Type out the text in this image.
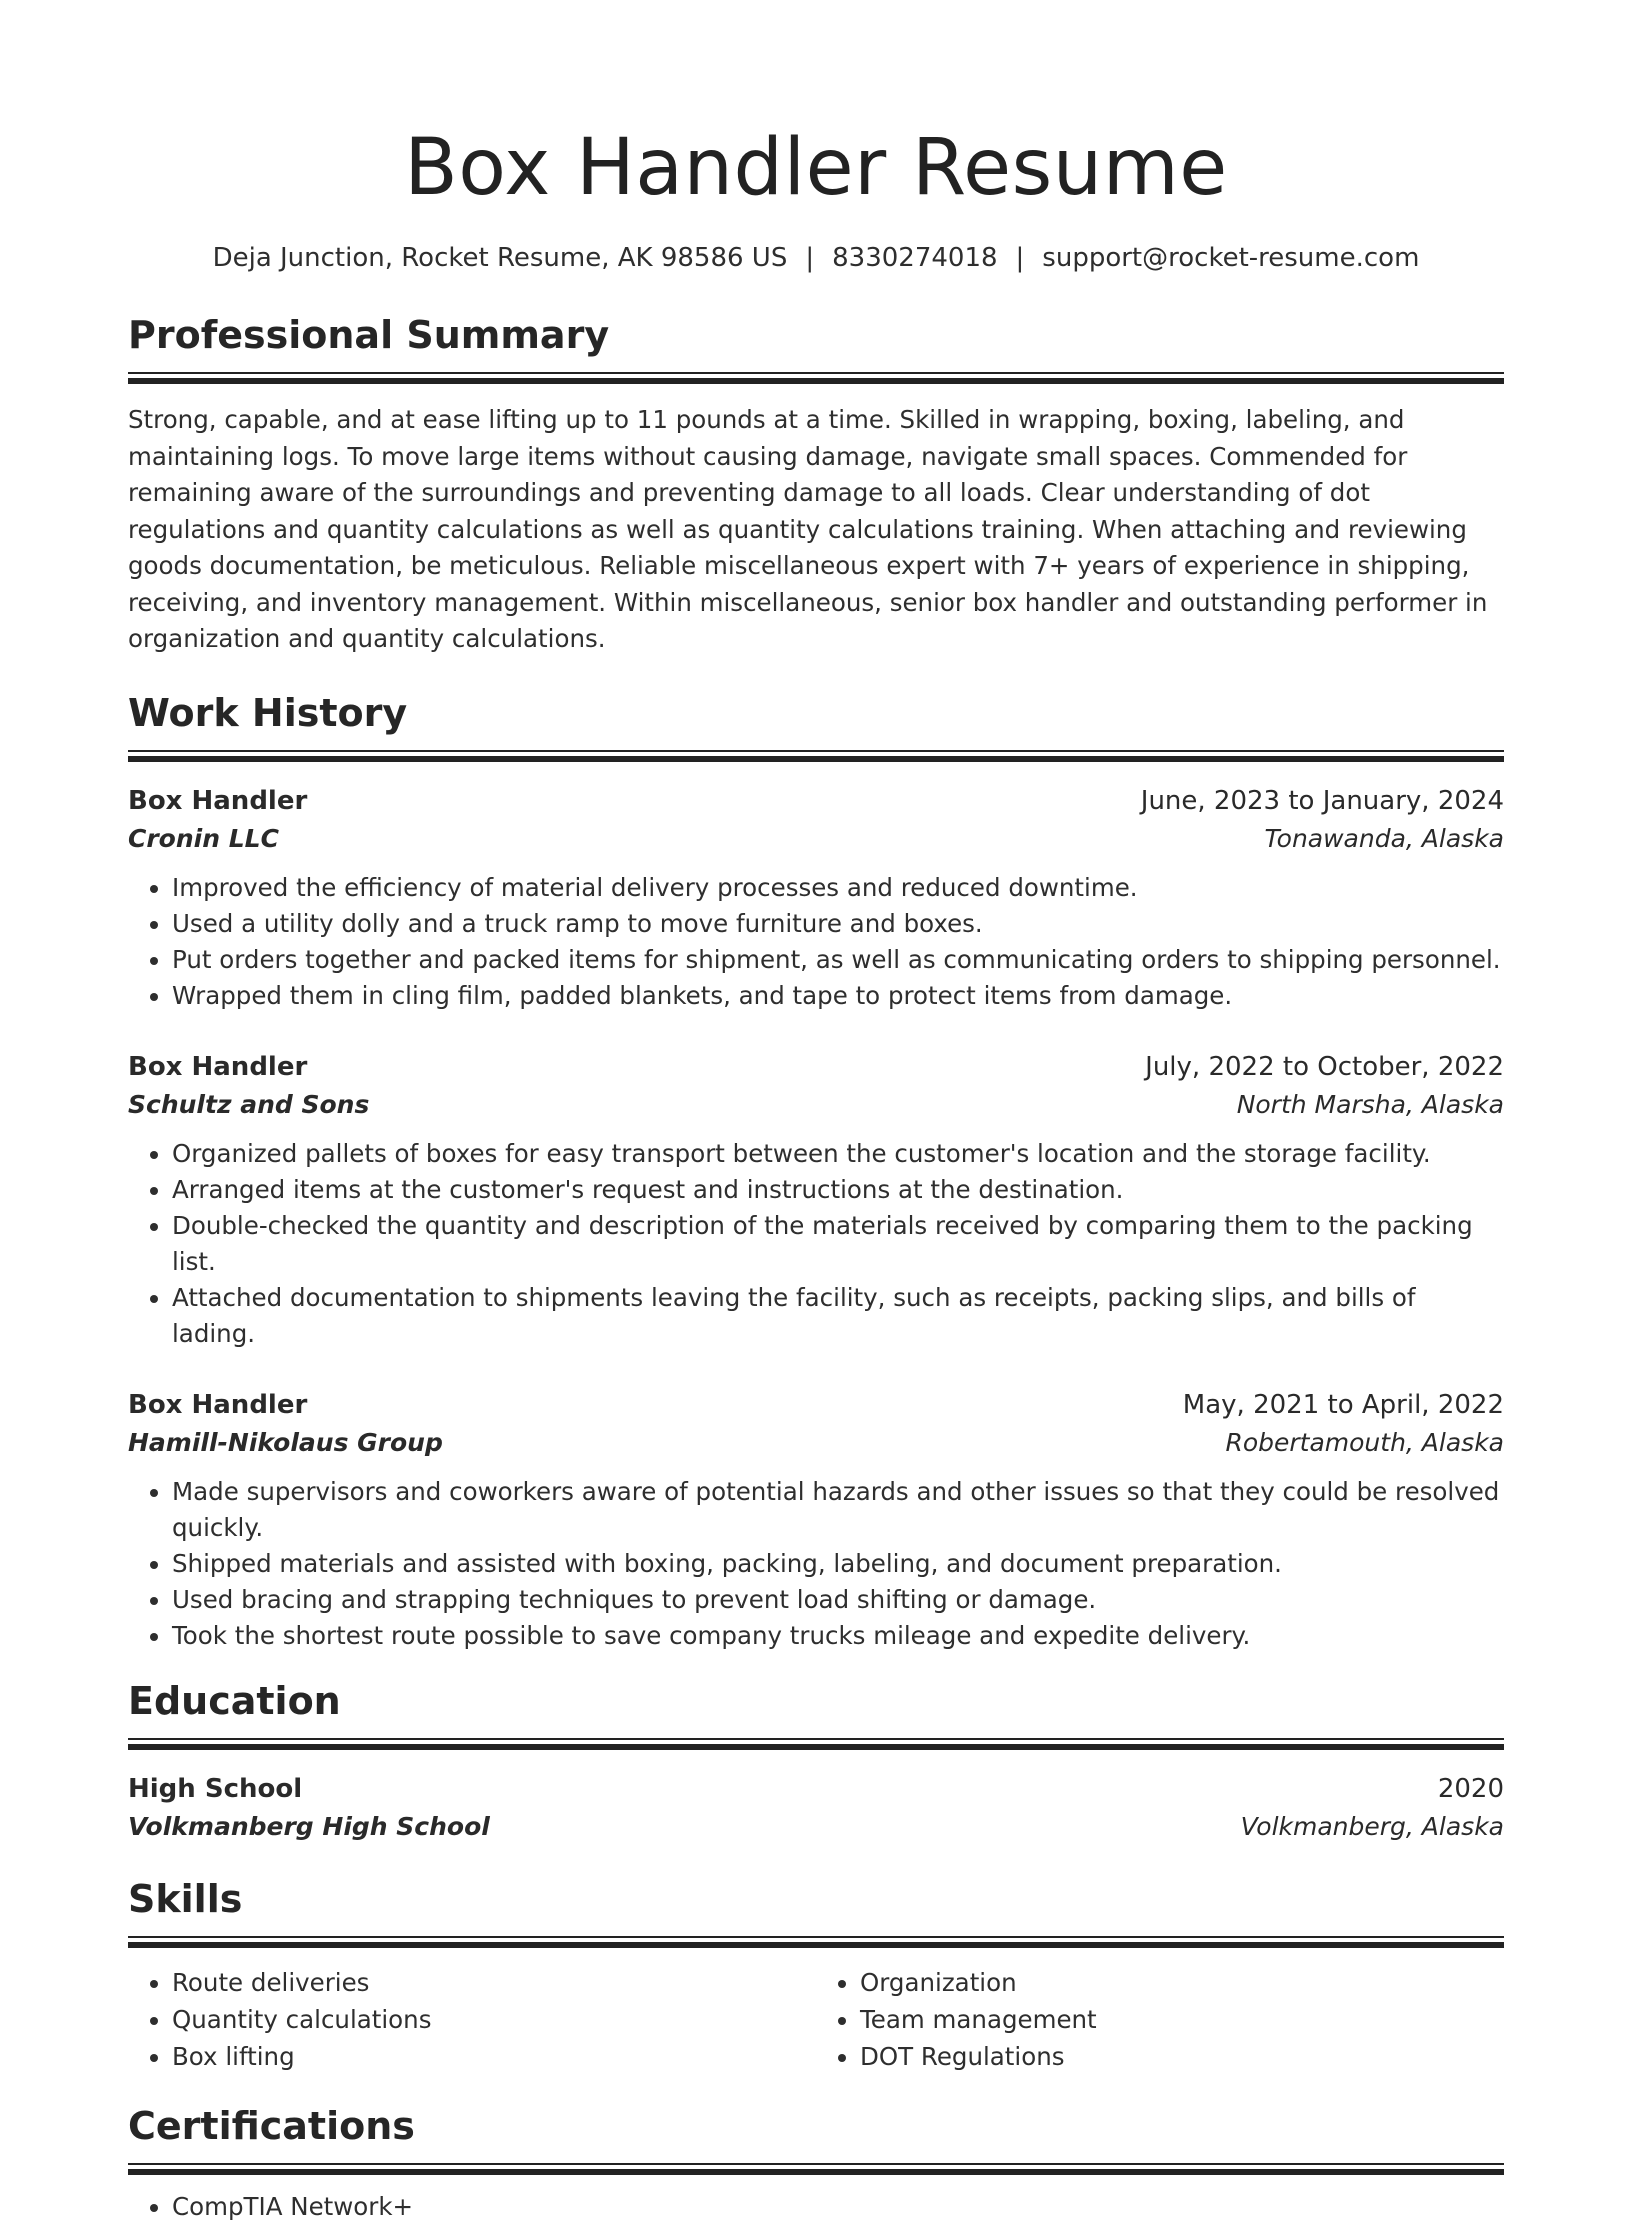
Box Handler Resume
Deja Junction, Rocket Resume, AK 98586 US | 8330274018 | support@rocket-resume.com
Professional Summary
Strong, capable, and at ease lifting up to 11 pounds at a time. Skilled in wrapping, boxing, labeling, and maintaining logs. To move large items without causing damage, navigate small spaces. Commended for remaining aware of the surroundings and preventing damage to all loads. Clear understanding of dot regulations and quantity calculations as well as quantity calculations training. When attaching and reviewing goods documentation, be meticulous. Reliable miscellaneous expert with 7+ years of experience in shipping, receiving, and inventory management. Within miscellaneous, senior box handler and outstanding performer in organization and quantity calculations.
Work History
Box Handler	June, 2023 to January, 2024
Cronin LLC	Tonawanda, Alaska
• Improved the efficiency of material delivery processes and reduced downtime.
• Used a utility dolly and a truck ramp to move furniture and boxes.
• Put orders together and packed items for shipment, as well as communicating orders to shipping personnel.
• Wrapped them in cling film, padded blankets, and tape to protect items from damage.
Box Handler	July, 2022 to October, 2022
Schultz and Sons	North Marsha, Alaska
• Organized pallets of boxes for easy transport between the customer's location and the storage facility.
• Arranged items at the customer's request and instructions at the destination.
• Double-checked the quantity and description of the materials received by comparing them to the packing list.
• Attached documentation to shipments leaving the facility, such as receipts, packing slips, and bills of lading.
Box Handler	May, 2021 to April, 2022
Hamill-Nikolaus Group	Robertamouth, Alaska
• Made supervisors and coworkers aware of potential hazards and other issues so that they could be resolved quickly.
• Shipped materials and assisted with boxing, packing, labeling, and document preparation.
• Used bracing and strapping techniques to prevent load shifting or damage.
• Took the shortest route possible to save company trucks mileage and expedite delivery.
Education
High School	2020
Volkmanberg High School	Volkmanberg, Alaska
Skills
• Route deliveries
• Quantity calculations
• Box lifting
• Organization
• Team management
• DOT Regulations
Certifications
• CompTIA Network+
